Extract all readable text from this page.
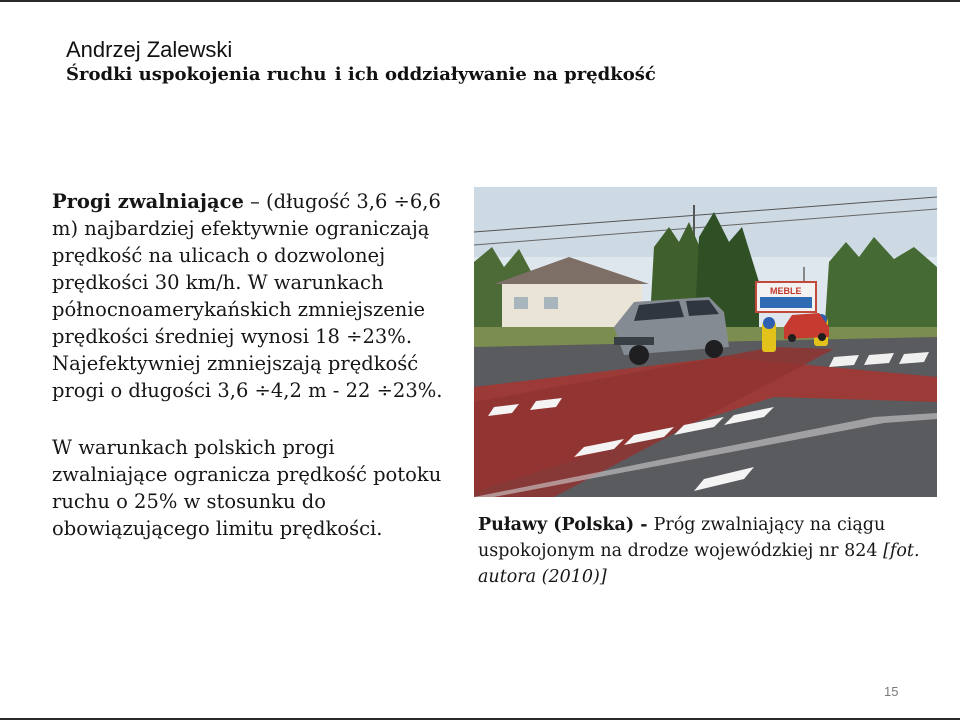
Andrzej Zalewski
Środki uspokojenia ruchu i ich oddziaływanie na prędkość

Progi zwalniające – (długość 3,6 ÷6,6 m) najbardziej efektywnie ograniczają prędkość na ulicach o dozwolonej prędkości 30 km/h. W warunkach północnoamerykańskich zmniejszenie prędkości średniej wynosi 18 ÷23%. Najefektywniej zmniejszają prędkość progi o długości 3,6 ÷4,2 m - 22 ÷23%.

W warunkach polskich progi zwalniające ogranicza prędkość potoku ruchu o 25% w stosunku do obowiązującego limitu prędkości.

MEBLE
Puławy (Polska) - Próg zwalniający na ciągu uspokojonym na drodze wojewódzkiej nr 824 [fot. autora (2010)]
15
